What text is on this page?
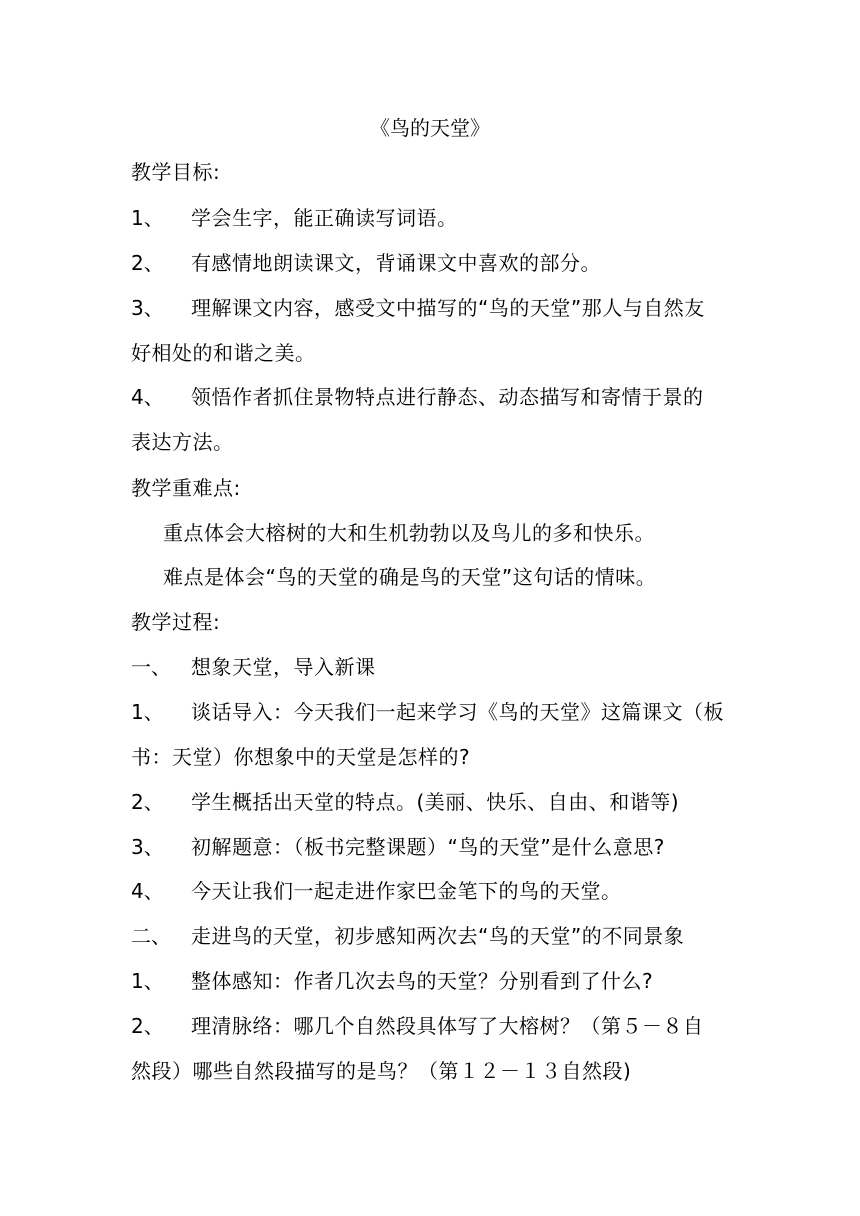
《鸟的天堂》
教学目标:
1、 学会生字，能正确读写词语。
2、 有感情地朗读课文，背诵课文中喜欢的部分。
3、 理解课文内容，感受文中描写的“鸟的天堂”那人与自然友
好相处的和谐之美。
4、 领悟作者抓住景物特点进行静态、动态描写和寄情于景的
表达方法。
教学重难点:
重点体会大榕树的大和生机勃勃以及鸟儿的多和快乐。
难点是体会“鸟的天堂的确是鸟的天堂”这句话的情味。
教学过程:
一、 想象天堂，导入新课
1、 谈话导入：今天我们一起来学习《鸟的天堂》这篇课文（板
书：天堂）你想象中的天堂是怎样的?
2、 学生概括出天堂的特点。(美丽、快乐、自由、和谐等)
3、 初解题意：（板书完整课题）“鸟的天堂”是什么意思?
4、 今天让我们一起走进作家巴金笔下的鸟的天堂。
二、 走进鸟的天堂，初步感知两次去“鸟的天堂”的不同景象
1、 整体感知：作者几次去鸟的天堂？分别看到了什么?
2、 理清脉络：哪几个自然段具体写了大榕树？（第５－８自
然段）哪些自然段描写的是鸟？（第１２－１３自然段)
